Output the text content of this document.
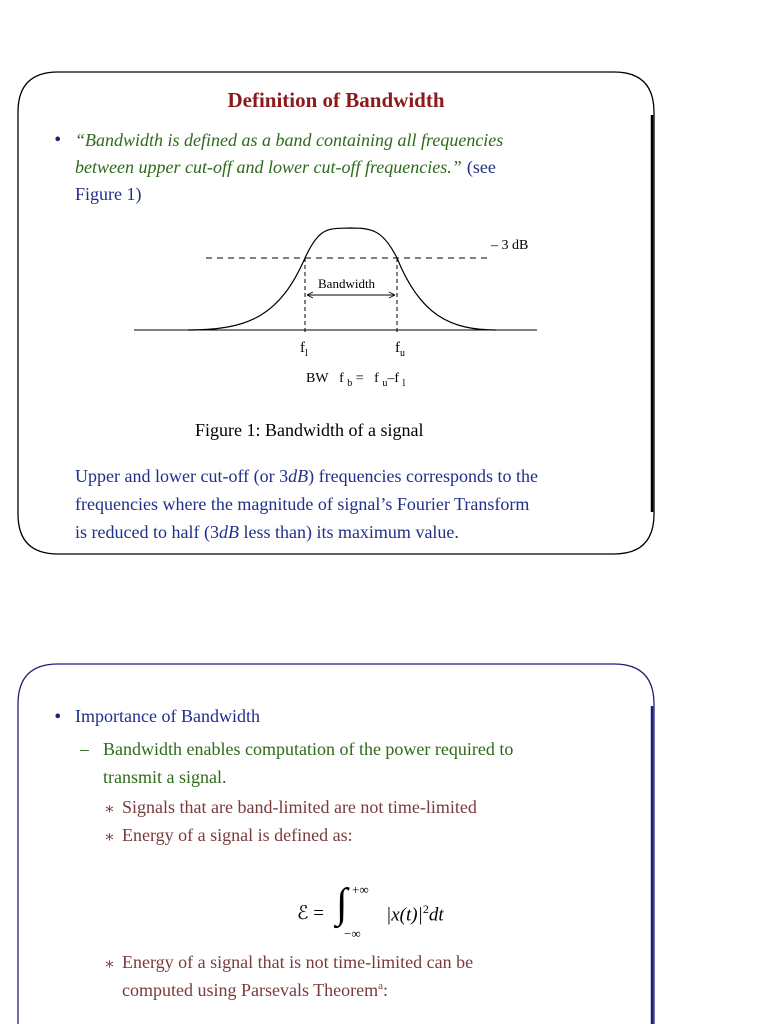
Definition of Bandwidth
• “Bandwidth is defined as a band containing all frequencies
between upper cut-off and lower cut-off frequencies.” (see
Figure 1)
– 3 dB
Bandwidth
$f_l$	$f_u$
BW f $_b$ = f $_u$–f $_l$
Figure 1: Bandwidth of a signal
Upper and lower cut-off (or 3dB) frequencies corresponds to the
frequencies where the magnitude of signal’s Fourier Transform
is reduced to half (3dB less than) its maximum value.
• Importance of Bandwidth
– Bandwidth enables computation of the power required to
transmit a signal.
∗ Signals that are band-limited are not time-limited
∗ Energy of a signal is defined as:
ℰ = ∫ +∞
−∞
$|x(t)|^2dt$
∗ Energy of a signal that is not time-limited can be
computed using Parsevals Theorem$^a$:
